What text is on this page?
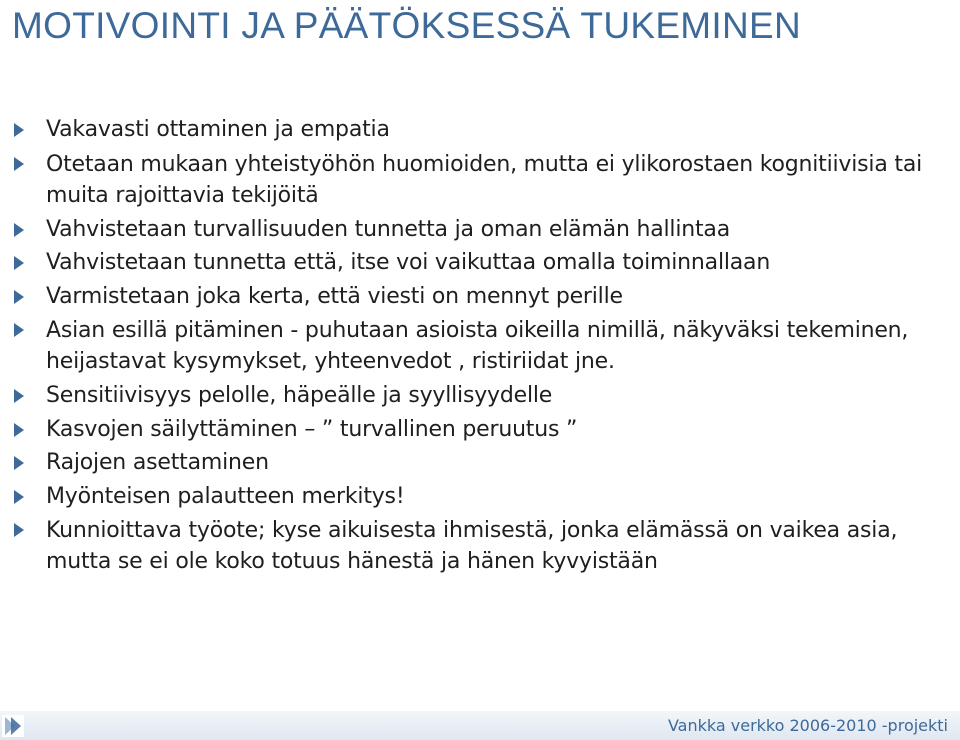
MOTIVOINTI JA PÄÄTÖKSESSÄ TUKEMINEN
Vakavasti ottaminen ja empatia
Otetaan mukaan yhteistyöhön huomioiden, mutta ei ylikorostaen kognitiivisia tai muita rajoittavia tekijöitä
Vahvistetaan turvallisuuden tunnetta ja oman elämän hallintaa
Vahvistetaan tunnetta että, itse voi vaikuttaa omalla toiminnallaan
Varmistetaan joka kerta, että viesti on mennyt perille
Asian esillä pitäminen - puhutaan asioista oikeilla nimillä, näkyväksi tekeminen, heijastavat kysymykset, yhteenvedot , ristiriidat jne.
Sensitiivisyys pelolle, häpeälle ja syyllisyydelle
Kasvojen säilyttäminen – ” turvallinen peruutus ”
Rajojen asettaminen
Myönteisen palautteen merkitys!
Kunnioittava työote; kyse aikuisesta ihmisestä, jonka elämässä on vaikea asia, mutta se ei ole koko totuus hänestä ja hänen kyvyistään
Vankka verkko 2006-2010 -projekti
